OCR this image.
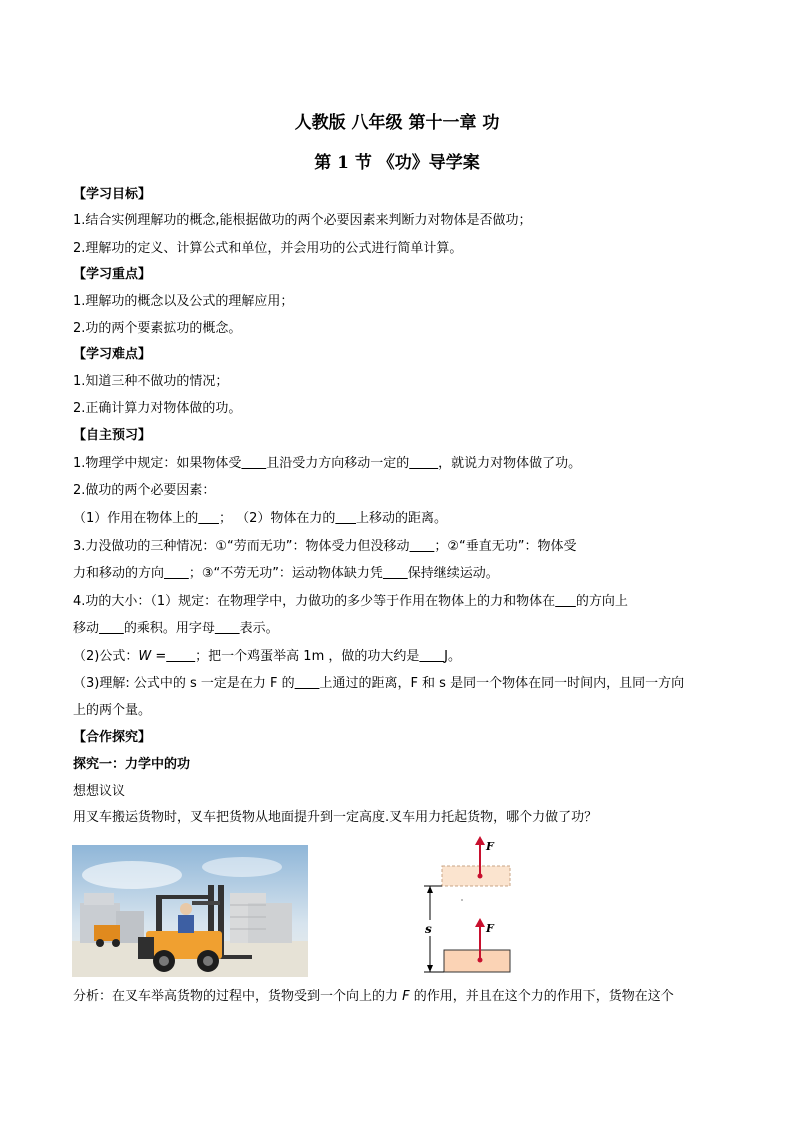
人教版 八年级 第十一章 功
第 1 节 《功》导学案
【学习目标】
1.结合实例理解功的概念,能根据做功的两个必要因素来判断力对物体是否做功；
2.理解功的定义、计算公式和单位，并会用功的公式进行简单计算。
【学习重点】
1.理解功的概念以及公式的理解应用；
2.功的两个要素拡功的概念。
【学习难点】
1.知道三种不做功的情况；
2.正确计算力对物体做的功。
【自主预习】
1.物理学中规定：如果物体受 且沿受力方向移动一定的 ，就说力对物体做了功。
2.做功的两个必要因素：
（1）作用在物体上的 ； （2）物体在力的 上移动的距离。
3.力没做功的三种情况：①“劳而无功”：物体受力但没移动 ；②“垂直无功”：物体受
力和移动的方向 ；③“不劳无功”：运动物体缺力凭 保持继续运动。
4.功的大小：（1）规定：在物理学中，力做功的多少等于作用在物体上的力和物体在 的方向上
移动 的乘积。用字母 表示。
（2)公式：W = ；把一个鸡蛋举高 1m ，做的功大约是 J。
（3)理解: 公式中的 s 一定是在力 F 的 上通过的距离，F 和 s 是同一个物体在同一时间内，且同一方向
上的两个量。
【合作探究】
探究一：力学中的功
想想议议
用叉车搬运货物时，叉车把货物从地面提升到一定高度.叉车用力托起货物，哪个力做了功？
s
F
F
分析：在叉车举高货物的过程中，货物受到一个向上的力 F 的作用，并且在这个力的作用下，货物在这个
